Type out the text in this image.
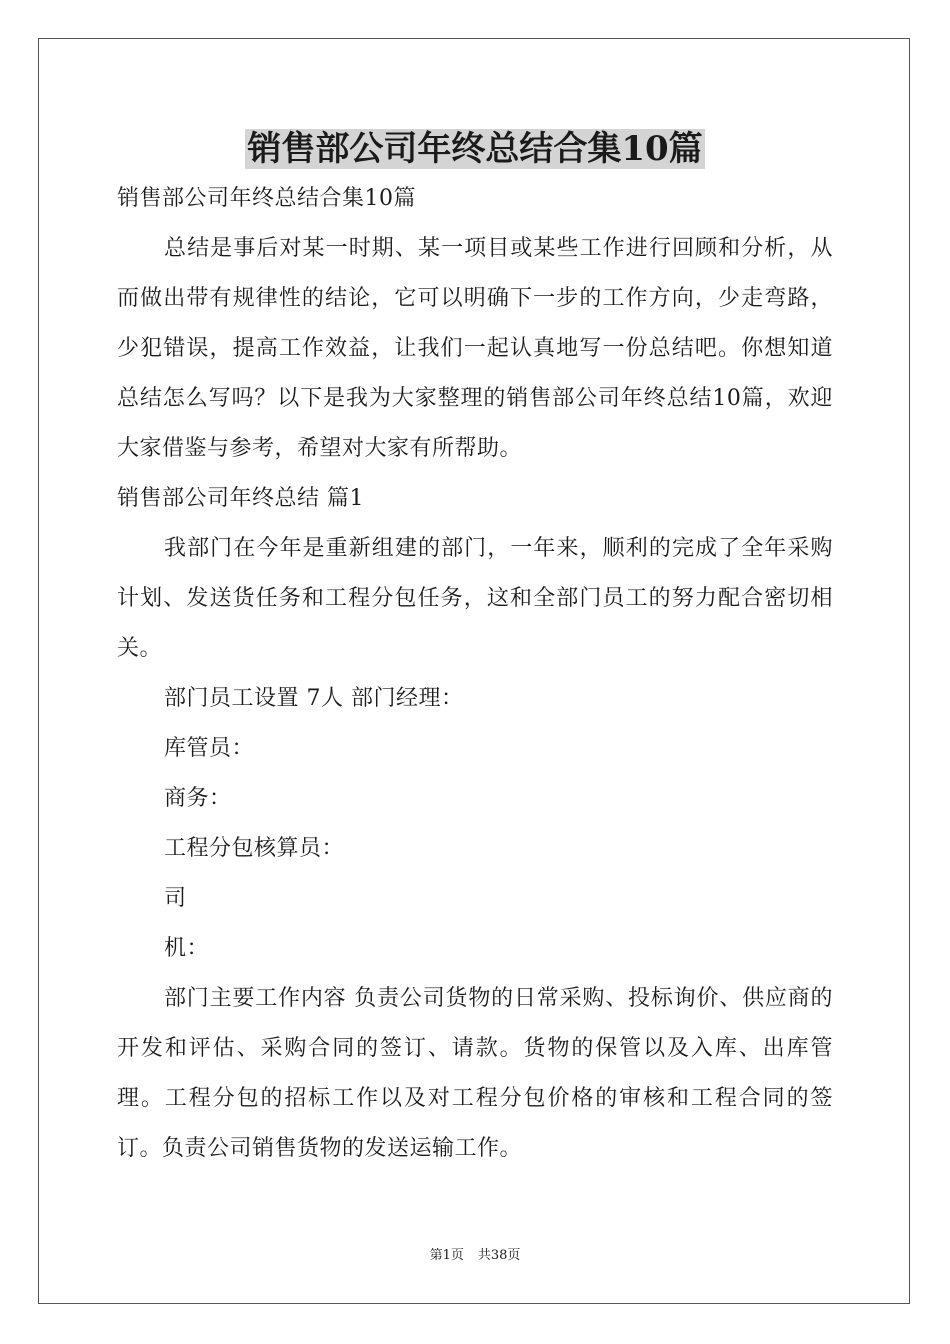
销售部公司年终总结合集10篇

销售部公司年终总结合集10篇

总结是事后对某一时期、某一项目或某些工作进行回顾和分析，从而做出带有规律性的结论，它可以明确下一步的工作方向，少走弯路，少犯错误，提高工作效益，让我们一起认真地写一份总结吧。你想知道总结怎么写吗？以下是我为大家整理的销售部公司年终总结10篇，欢迎大家借鉴与参考，希望对大家有所帮助。

销售部公司年终总结 篇1

我部门在今年是重新组建的部门，一年来，顺利的完成了全年采购计划、发送货任务和工程分包任务，这和全部门员工的努力配合密切相关。

部门员工设置 7人 部门经理：

库管员：

商务：

工程分包核算员：

司

机：

部门主要工作内容 负责公司货物的日常采购、投标询价、供应商的开发和评估、采购合同的签订、请款。货物的保管以及入库、出库管理。工程分包的招标工作以及对工程分包价格的审核和工程合同的签订。负责公司销售货物的发送运输工作。

第1页 共38页
